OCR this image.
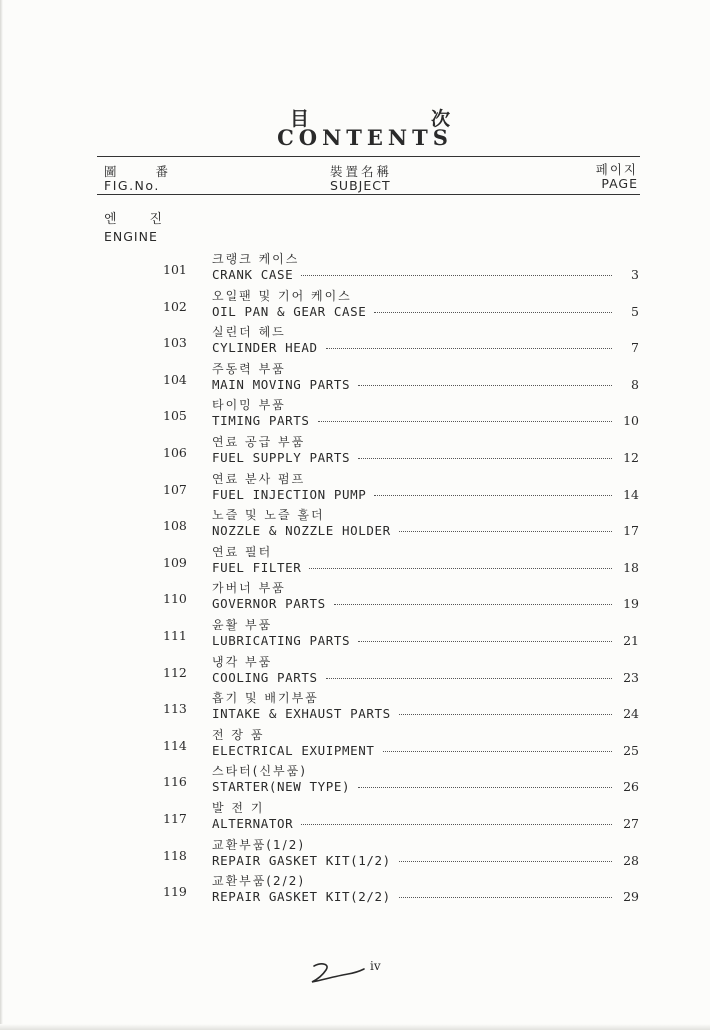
目	次
CONTENTS
圖	番
FIG.No.
裝置名稱
SUBJECT
페이지
PAGE
엔	진
ENGINE
101
크랭크 케이스
CRANK CASE	3
102
오일팬 및 기어 케이스
OIL PAN & GEAR CASE	5
103
실린더 헤드
CYLINDER HEAD	7
104
주동력 부품
MAIN MOVING PARTS	8
105
타이밍 부품
TIMING PARTS	10
106
연료 공급 부품
FUEL SUPPLY PARTS	12
107
연료 분사 펌프
FUEL INJECTION PUMP	14
108
노즐 및 노즐 홀더
NOZZLE & NOZZLE HOLDER	17
109
연료 필터
FUEL FILTER	18
110
가버너 부품
GOVERNOR PARTS	19
111
윤활 부품
LUBRICATING PARTS	21
112
냉각 부품
COOLING PARTS	23
113
흡기 및 배기부품
INTAKE & EXHAUST PARTS	24
114
전 장 품
ELECTRICAL EXUIPMENT	25
116
스타터(신부품)
STARTER(NEW TYPE)	26
117
발 전 기
ALTERNATOR	27
118
교환부품(1/2)
REPAIR GASKET KIT(1/2)	28
119
교환부품(2/2)
REPAIR GASKET KIT(2/2)	29
iv
